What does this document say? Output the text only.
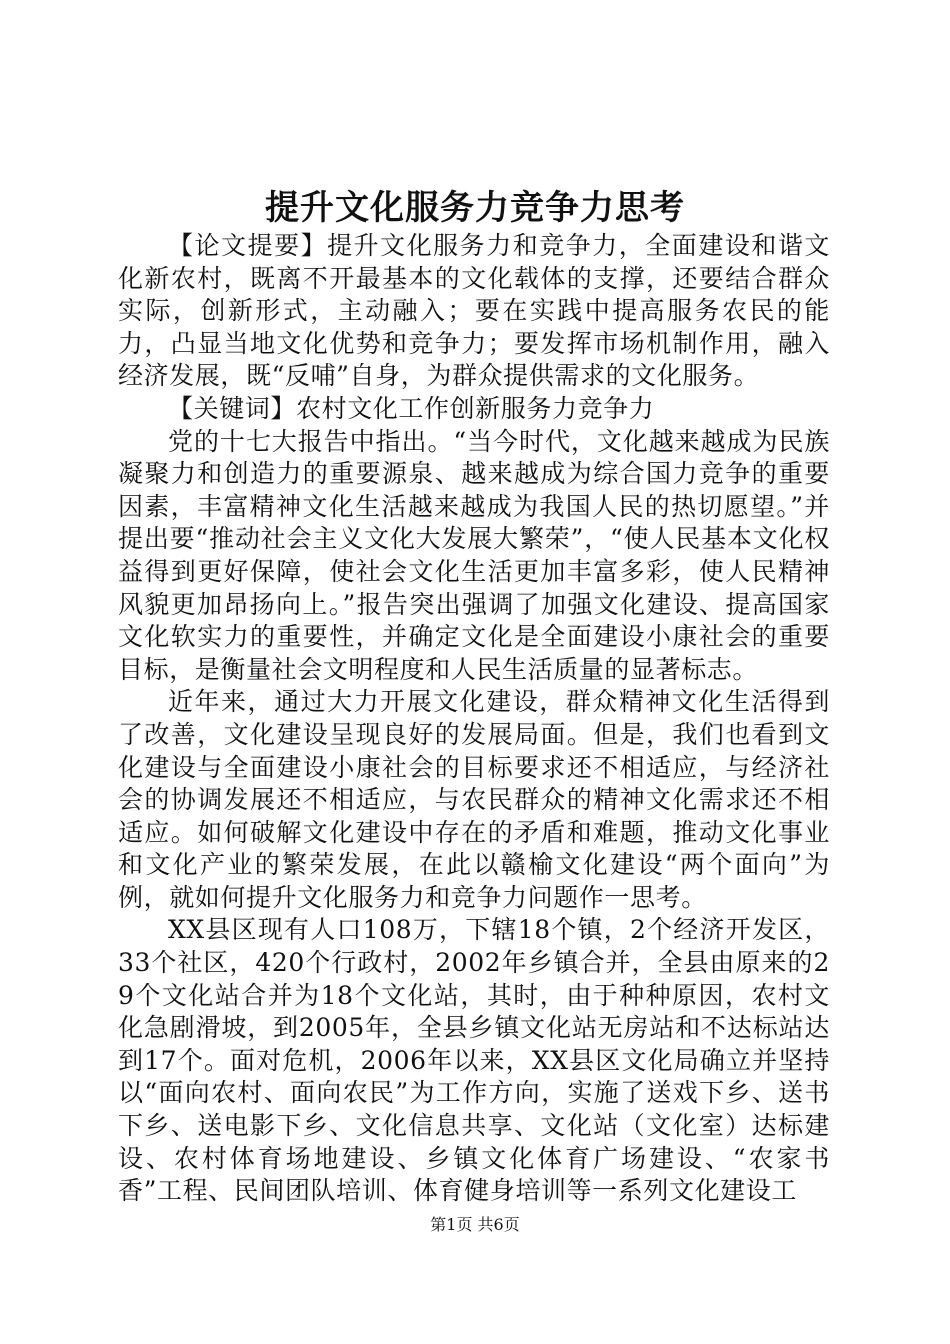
提升文化服务力竞争力思考

【论文提要】提升文化服务力和竞争力，全面建设和谐文化新农村，既离不开最基本的文化载体的支撑，还要结合群众实际，创新形式，主动融入；要在实践中提高服务农民的能力，凸显当地文化优势和竞争力；要发挥市场机制作用，融入经济发展，既“反哺”自身，为群众提供需求的文化服务。

【关键词】农村文化工作创新服务力竞争力

党的十七大报告中指出。“当今时代，文化越来越成为民族凝聚力和创造力的重要源泉、越来越成为综合国力竞争的重要因素，丰富精神文化生活越来越成为我国人民的热切愿望。”并提出要“推动社会主义文化大发展大繁荣”，“使人民基本文化权益得到更好保障，使社会文化生活更加丰富多彩，使人民精神风貌更加昂扬向上。”报告突出强调了加强文化建设、提高国家文化软实力的重要性，并确定文化是全面建设小康社会的重要目标，是衡量社会文明程度和人民生活质量的显著标志。

近年来，通过大力开展文化建设，群众精神文化生活得到了改善，文化建设呈现良好的发展局面。但是，我们也看到文化建设与全面建设小康社会的目标要求还不相适应，与经济社会的协调发展还不相适应，与农民群众的精神文化需求还不相适应。如何破解文化建设中存在的矛盾和难题，推动文化事业和文化产业的繁荣发展，在此以赣榆文化建设“两个面向”为例，就如何提升文化服务力和竞争力问题作一思考。

XX县区现有人口108万，下辖18个镇，2个经济开发区，33个社区，420个行政村，2002年乡镇合并，全县由原来的29个文化站合并为18个文化站，其时，由于种种原因，农村文化急剧滑坡，到2005年，全县乡镇文化站无房站和不达标站达到17个。面对危机，2006年以来，XX县区文化局确立并坚持以“面向农村、面向农民”为工作方向，实施了送戏下乡、送书下乡、送电影下乡、文化信息共享、文化站（文化室）达标建设、农村体育场地建设、乡镇文化体育广场建设、“农家书香”工程、民间团队培训、体育健身培训等一系列文化建设工

第1页 共6页
